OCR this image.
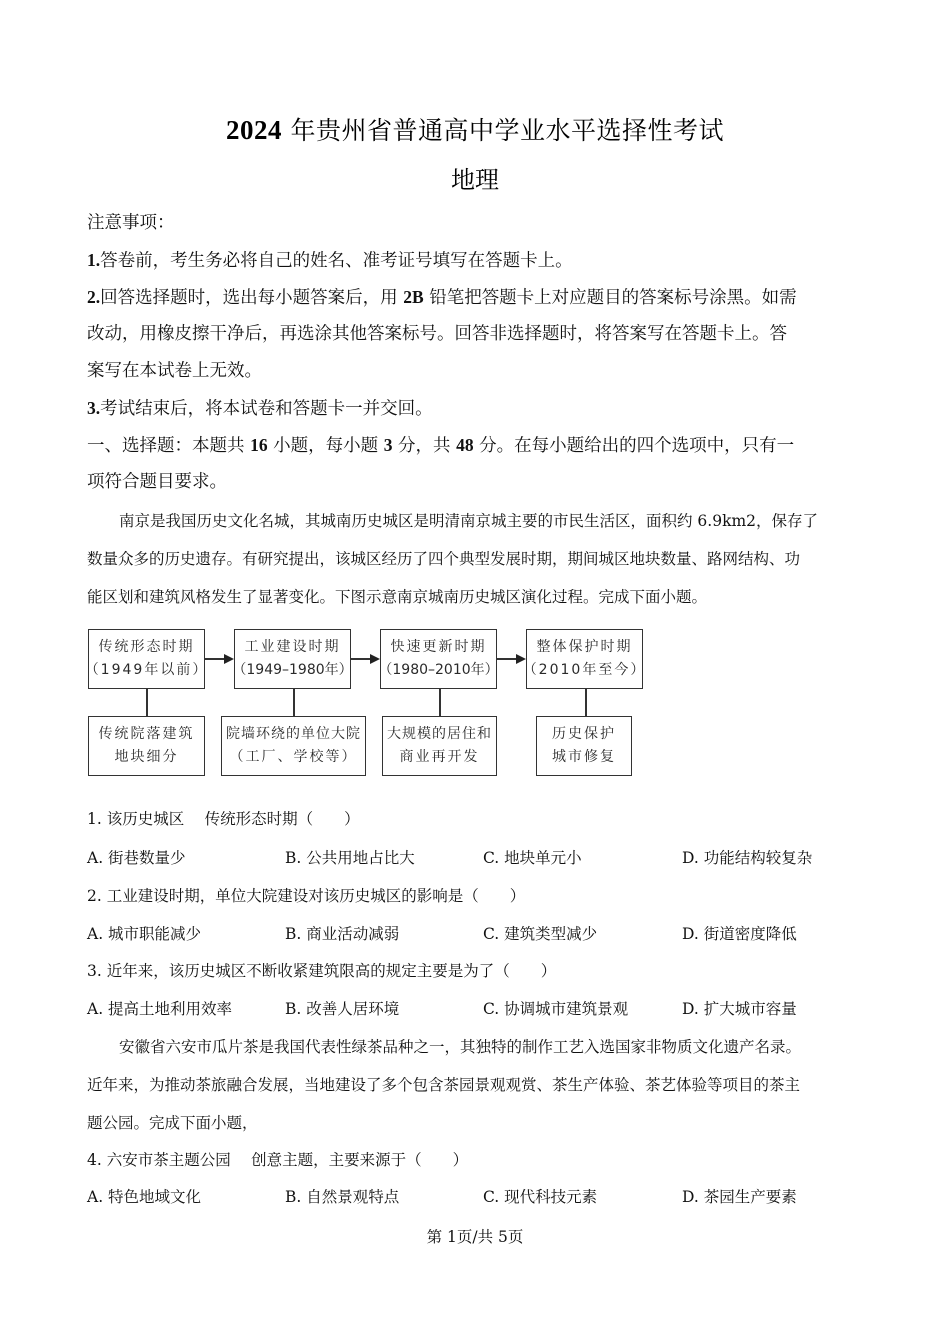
2024 年贵州省普通高中学业水平选择性考试
地理
注意事项：
1.答卷前，考生务必将自己的姓名、准考证号填写在答题卡上。
2.回答选择题时，选出每小题答案后，用 2B 铅笔把答题卡上对应题目的答案标号涂黑。如需
改动，用橡皮擦干净后，再选涂其他答案标号。回答非选择题时，将答案写在答题卡上。答
案写在本试卷上无效。
3.考试结束后，将本试卷和答题卡一并交回。
一、选择题：本题共 16 小题，每小题 3 分，共 48 分。在每小题给出的四个选项中，只有一
项符合题目要求。
南京是我国历史文化名城，其城南历史城区是明清南京城主要的市民生活区，面积约 6.9km2，保存了
数量众多的历史遗存。有研究提出，该城区经历了四个典型发展时期，期间城区地块数量、路网结构、功
能区划和建筑风格发生了显著变化。下图示意南京城南历史城区演化过程。完成下面小题。
传统形态时期
（1949年以前）
工业建设时期
（1949–1980年）
快速更新时期
（1980–2010年）
整体保护时期
（2010年至今）
传统院落建筑
地块细分
院墙环绕的单位大院
（工厂、学校等）
大规模的居住和
商业再开发
历史保护
城市修复
1. 该历史城区　 传统形态时期（　　）
A. 街巷数量少	B. 公共用地占比大	C. 地块单元小	D. 功能结构较复杂
2. 工业建设时期，单位大院建设对该历史城区的影响是（　　）
A. 城市职能减少	B. 商业活动减弱	C. 建筑类型减少	D. 街道密度降低
3. 近年来，该历史城区不断收紧建筑限高的规定主要是为了（　　）
A. 提高土地利用效率	B. 改善人居环境	C. 协调城市建筑景观	D. 扩大城市容量
安徽省六安市瓜片茶是我国代表性绿茶品种之一，其独特的制作工艺入选国家非物质文化遗产名录。
近年来，为推动茶旅融合发展，当地建设了多个包含茶园景观观赏、茶生产体验、茶艺体验等项目的茶主
题公园。完成下面小题，
4. 六安市茶主题公园　 创意主题，主要来源于（　　）
A. 特色地域文化	B. 自然景观特点	C. 现代科技元素	D. 茶园生产要素
第 1页/共 5页
